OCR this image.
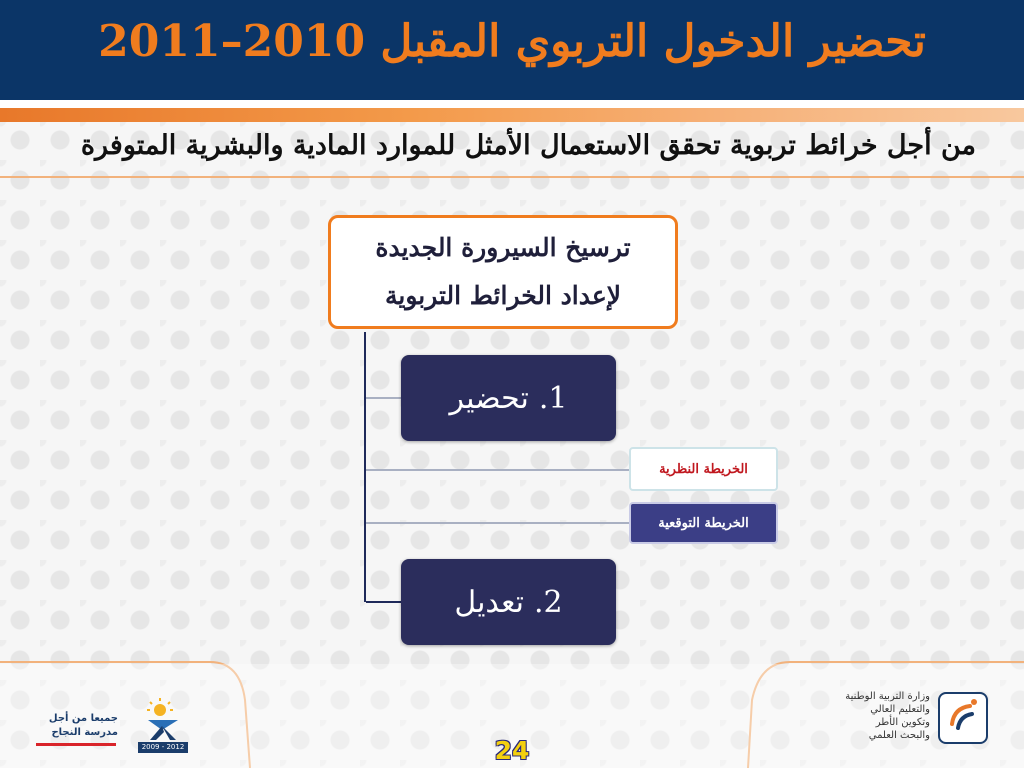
تحضير الدخول التربوي المقبل 2010–2011
من أجل خرائط تربوية تحقق الاستعمال الأمثل للموارد المادية والبشرية المتوفرة
ترسيخ السيرورة الجديدة
لإعداد الخرائط التربوية
1.
تحضير
الخريطة النظرية
الخريطة التوقعية
2.
تعديل
جميعا من أجل
مدرسة النجاح
2009 - 2012
وزارة التربية الوطنية
والتعليم العالي
وتكوين الأطر
والبحث العلمي
24
